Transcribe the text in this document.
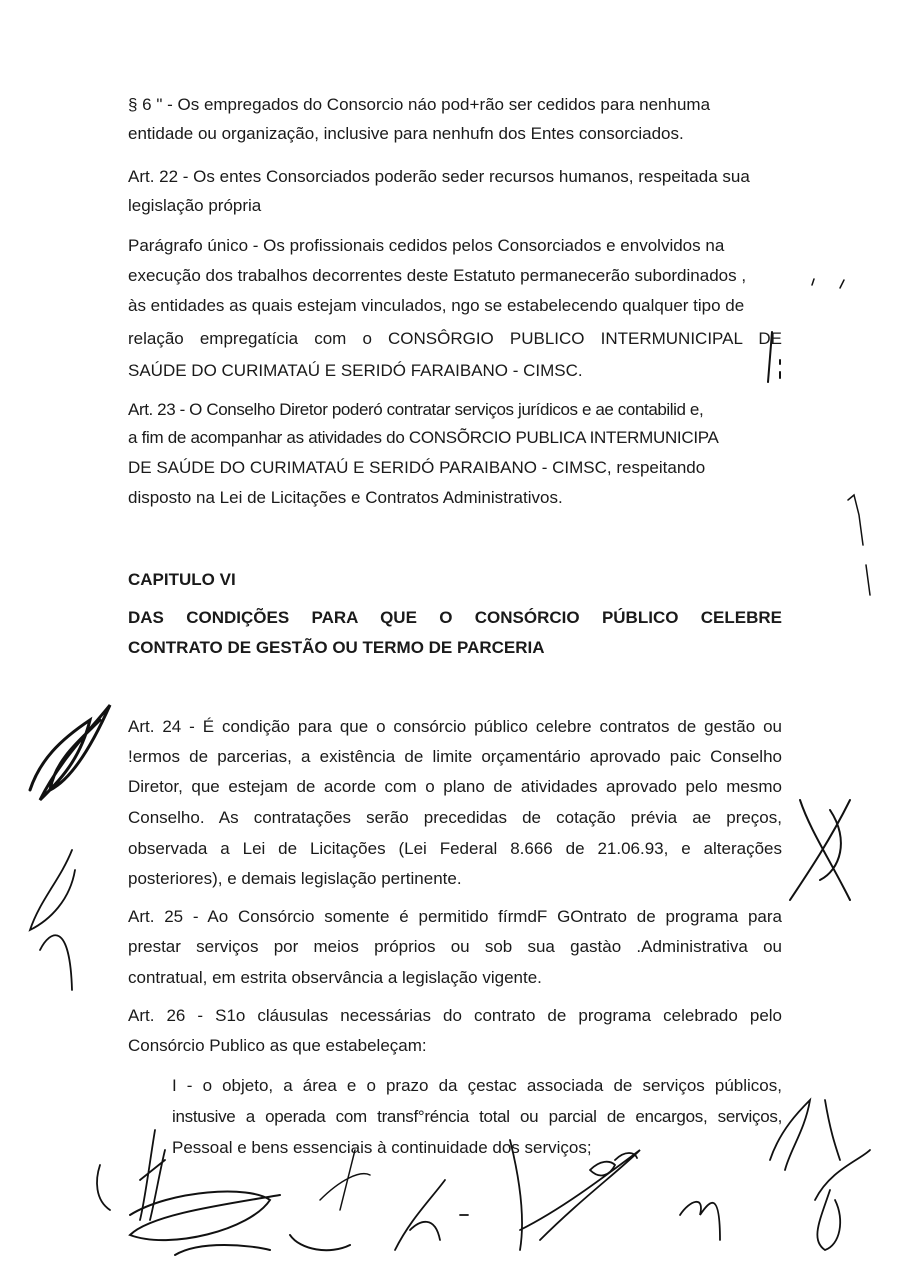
§ 6 " - Os empregados do Consorcio náo pod+rão ser cedidos para nenhuma
entidade ou organização, inclusive para nenhufn dos Entes consorciados.
Art. 22 - Os entes Consorciados poderão seder recursos humanos, respeitada sua
legislação própria
Parágrafo único - Os profissionais cedidos pelos Consorciados e envolvidos na
execução dos trabalhos decorrentes deste Estatuto permanecerão subordinados ,
às entidades as quais estejam vinculados, ngo se estabelecendo qualquer tipo de
relação empregatícia com o CONSÔRGIO PUBLICO INTERMUNICIPAL DE
SAÚDE DO CURIMATAÚ E SERIDÓ FARAIBANO - CIMSC.
Art. 23 - O Conselho Diretor poderó contratar serviços jurídicos e ae contabilid e,
a fim de acompanhar as atividades do CONSÕRCIO PUBLICA INTERMUNICIPA
DE SAÚDE DO CURIMATAÚ E SERIDÓ PARAIBANO - CIMSC, respeitando
disposto na Lei de Licitações e Contratos Administrativos.
CAPITULO VI
DAS CONDIÇÕES PARA QUE O CONSÓRCIO PÚBLICO CELEBRE
CONTRATO DE GESTÃO OU TERMO DE PARCERIA
Art. 24 - É condição para que o consórcio público celebre contratos de gestão ou
!ermos de parcerias, a existência de limite orçamentário aprovado paic Conselho
Diretor, que estejam de acorde com o plano de atividades aprovado pelo mesmo
Conselho. As contratações serão precedidas de cotação prévia ae preços,
observada a Lei de Licitações (Lei Federal 8.666 de 21.06.93, e alterações
posteriores), e demais legislação pertinente.
Art. 25 - Ao Consórcio somente é permitido fírmdF GOntrato de programa para
prestar serviços por meios próprios ou sob sua gastào .Administrativa ou
contratual, em estrita observância a legislação vigente.
Art. 26 - S1o cláusulas necessárias do contrato de programa celebrado pelo
Consórcio Publico as que estabeleçam:
I - o objeto, a área e o prazo da çestac associada de serviços públicos,
instusive a operada com transf°réncia total ou parcial de encargos, serviços,
Pessoal e bens essenciais à continuidade dos serviços;
